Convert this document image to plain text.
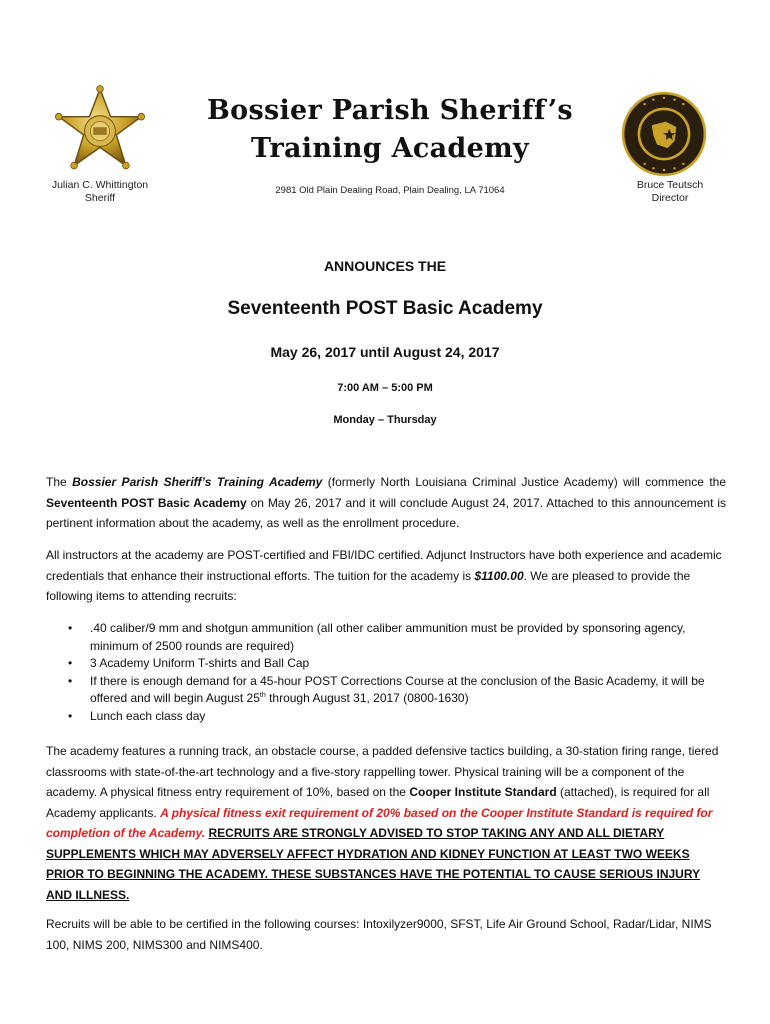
Julian C. Whittington
Sheriff
Bossier Parish Sheriff’s
Training Academy
2981 Old Plain Dealing Road, Plain Dealing, LA 71064	Bruce Teutsch
Director
ANNOUNCES THE
Seventeenth POST Basic Academy
May 26, 2017 until August 24, 2017
7:00 AM – 5:00 PM
Monday – Thursday
The Bossier Parish Sheriff’s Training Academy (formerly North Louisiana Criminal Justice Academy) will commence the Seventeenth POST Basic Academy on May 26, 2017 and it will conclude August 24, 2017. Attached to this announcement is pertinent information about the academy, as well as the enrollment procedure.
All instructors at the academy are POST-certified and FBI/IDC certified. Adjunct Instructors have both experience and academic credentials that enhance their instructional efforts. The tuition for the academy is $1100.00. We are pleased to provide the following items to attending recruits:
• .40 caliber/9 mm and shotgun ammunition (all other caliber ammunition must be provided by sponsoring agency, minimum of 2500 rounds are required)
• 3 Academy Uniform T-shirts and Ball Cap
• If there is enough demand for a 45-hour POST Corrections Course at the conclusion of the Basic Academy, it will be offered and will begin August 25th through August 31, 2017 (0800-1630)
• Lunch each class day
The academy features a running track, an obstacle course, a padded defensive tactics building, a 30-station firing range, tiered classrooms with state-of-the-art technology and a five-story rappelling tower. Physical training will be a component of the academy. A physical fitness entry requirement of 10%, based on the Cooper Institute Standard (attached), is required for all Academy applicants. A physical fitness exit requirement of 20% based on the Cooper Institute Standard is required for completion of the Academy. RECRUITS ARE STRONGLY ADVISED TO STOP TAKING ANY AND ALL DIETARY SUPPLEMENTS WHICH MAY ADVERSELY AFFECT HYDRATION AND KIDNEY FUNCTION AT LEAST TWO WEEKS PRIOR TO BEGINNING THE ACADEMY. THESE SUBSTANCES HAVE THE POTENTIAL TO CAUSE SERIOUS INJURY AND ILLNESS.
Recruits will be able to be certified in the following courses: Intoxilyzer9000, SFST, Life Air Ground School, Radar/Lidar, NIMS 100, NIMS 200, NIMS300 and NIMS400.
